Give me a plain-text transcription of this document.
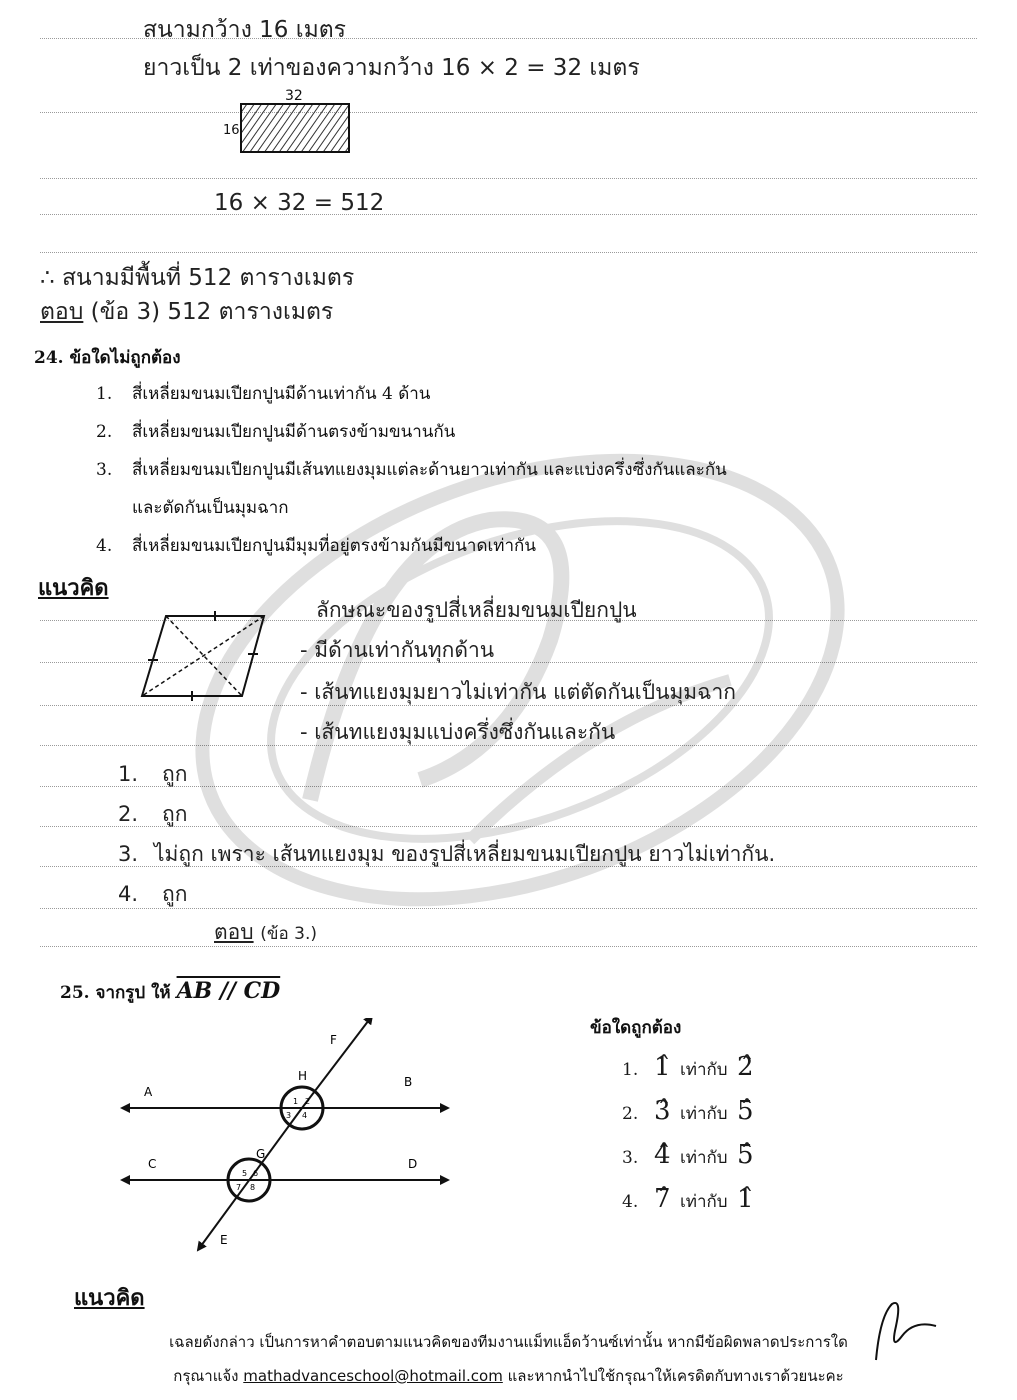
สนามกว้าง 16 เมตร
ยาวเป็น 2 เท่าของความกว้าง 16 × 2 = 32 เมตร
32
16
16 × 32 = 512
∴ สนามมีพื้นที่ 512 ตารางเมตร
ตอบ (ข้อ 3) 512 ตารางเมตร
24. ข้อใดไม่ถูกต้อง
1. สี่เหลี่ยมขนมเปียกปูนมีด้านเท่ากัน 4 ด้าน
2. สี่เหลี่ยมขนมเปียกปูนมีด้านตรงข้ามขนานกัน
3. สี่เหลี่ยมขนมเปียกปูนมีเส้นทแยงมุมแต่ละด้านยาวเท่ากัน และแบ่งครึ่งซึ่งกันและกัน
และตัดกันเป็นมุมฉาก
4. สี่เหลี่ยมขนมเปียกปูนมีมุมที่อยู่ตรงข้ามกันมีขนาดเท่ากัน
แนวคิด
ลักษณะของรูปสี่เหลี่ยมขนมเปียกปูน
- มีด้านเท่ากันทุกด้าน
- เส้นทแยงมุมยาวไม่เท่ากัน แต่ตัดกันเป็นมุมฉาก
- เส้นทแยงมุมแบ่งครึ่งซึ่งกันและกัน
1. ถูก
2. ถูก
3. ไม่ถูก เพราะ เส้นทแยงมุม ของรูปสี่เหลี่ยมขนมเปียกปูน ยาวไม่เท่ากัน.
4. ถูก
ตอบ (ข้อ 3.)
25. จากรูป ให้ AB // CD
A
B
C	D
E
F
G
H
1 2
3 4
5 6
7 8
ข้อใดถูกต้อง
1. 1̂ เท่ากับ 2̂
2. 3̂ เท่ากับ 5̂
3. 4̂ เท่ากับ 5̂
4. 7̂ เท่ากับ 1̂
แนวคิด
เฉลยดังกล่าว เป็นการหาคำตอบตามแนวคิดของทีมงานแม็ทแอ็ดว้านซ์เท่านั้น หากมีข้อผิดพลาดประการใด
กรุณาแจ้ง mathadvanceschool@hotmail.com และหากนำไปใช้กรุณาให้เครดิตกับทางเราด้วยนะคะ
